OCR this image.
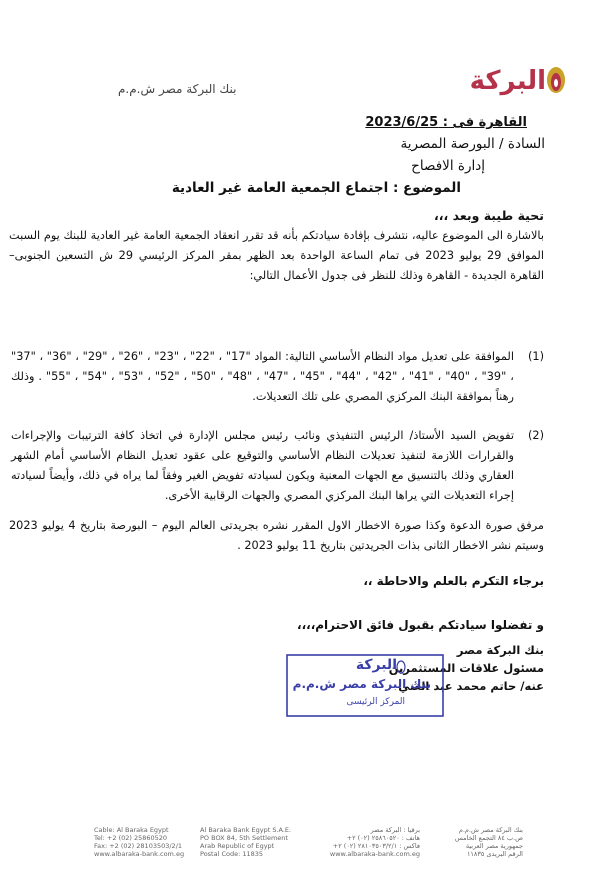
البركة
بنك البركة مصر ش.م.م
القاهرة فى : 2023/6/25
السادة / البورصة المصرية
إدارة الافصاح
الموضوع : اجتماع الجمعية العامة غير العادية
تحية طيبة وبعد ،،،
بالاشارة الى الموضوع عاليه، نتشرف بإفادة سيادتكم بأنه قد تقرر انعقاد الجمعية العامة غير العادية للبنك يوم السبت الموافق 29 يوليو 2023 فى تمام الساعة الواحدة بعد الظهر بمقر المركز الرئيسي 29 ش التسعين الجنوبى– القاهرة الجديدة - القاهرة وذلك للنظر فى جدول الأعمال التالي:
(1)
الموافقة على تعديل مواد النظام الأساسي التالية: المواد "17" ، "22" ، "23" ، "26" ، "29" ، "36" ، "37" ، "39" ، "40" ، "41" ، "42" ، "44" ، "45" ، "47" ، "48" ، "50" ، "52" ، "53" ، "54" ، "55" . وذلك رهناً بموافقة البنك المركزي المصري على تلك التعديلات.
(2)
تفويض السيد الأستاذ/ الرئيس التنفيذي ونائب رئيس مجلس الإدارة في اتخاذ كافة الترتيبات والإجراءات والقرارات اللازمة لتنفيذ تعديلات النظام الأساسي والتوقيع على عقود تعديل النظام الأساسي أمام الشهر العقاري وذلك بالتنسيق مع الجهات المعنية ويكون لسيادته تفويض الغير وفقاً لما يراه في ذلك، وأيضاً لسيادته إجراء التعديلات التي يراها البنك المركزي المصري والجهات الرقابية الأخرى.
مرفق صورة الدعوة وكذا صورة الاخطار الاول المقرر نشره بجريدتى العالم اليوم – البورصة بتاريخ 4 يوليو 2023 وسيتم نشر الاخطار الثانى بذات الجريدتين بتاريخ 11 يوليو 2023 .
برجاء التكرم بالعلم والاحاطة ،،
و تفضلوا سيادتكم بقبول فائق الاحترام،،،،
بنك البركة مصر
مسئول علاقات المستثمرين
عنه/ حاتم محمد عبد الغني
البركة
بنك البركة مصر ش.م.م
المركز الرئيسى
Cable: Al Baraka Egypt
Tel: +2 (02) 25860520
Fax: +2 (02) 28103503/2/1
www.albaraka-bank.com.eg
Al Baraka Bank Egypt S.A.E.
PO BOX 84, 5th Settlement
Arab Republic of Egypt
Postal Code: 11835
برقيا : البركة مصر
هاتف : ٢٥٨٦٠٥٢٠ (٠٢) ٢+
فاكس : ٢٨١٠٣٥٠٣/٢/١ (٠٢) ٢+
www.albaraka-bank.com.eg
بنك البركة مصر ش.م.م
ص.ب ٨٤ التجمع الخامس
جمهورية مصر العربية
الرقم البريدى ١١٨٣٥
